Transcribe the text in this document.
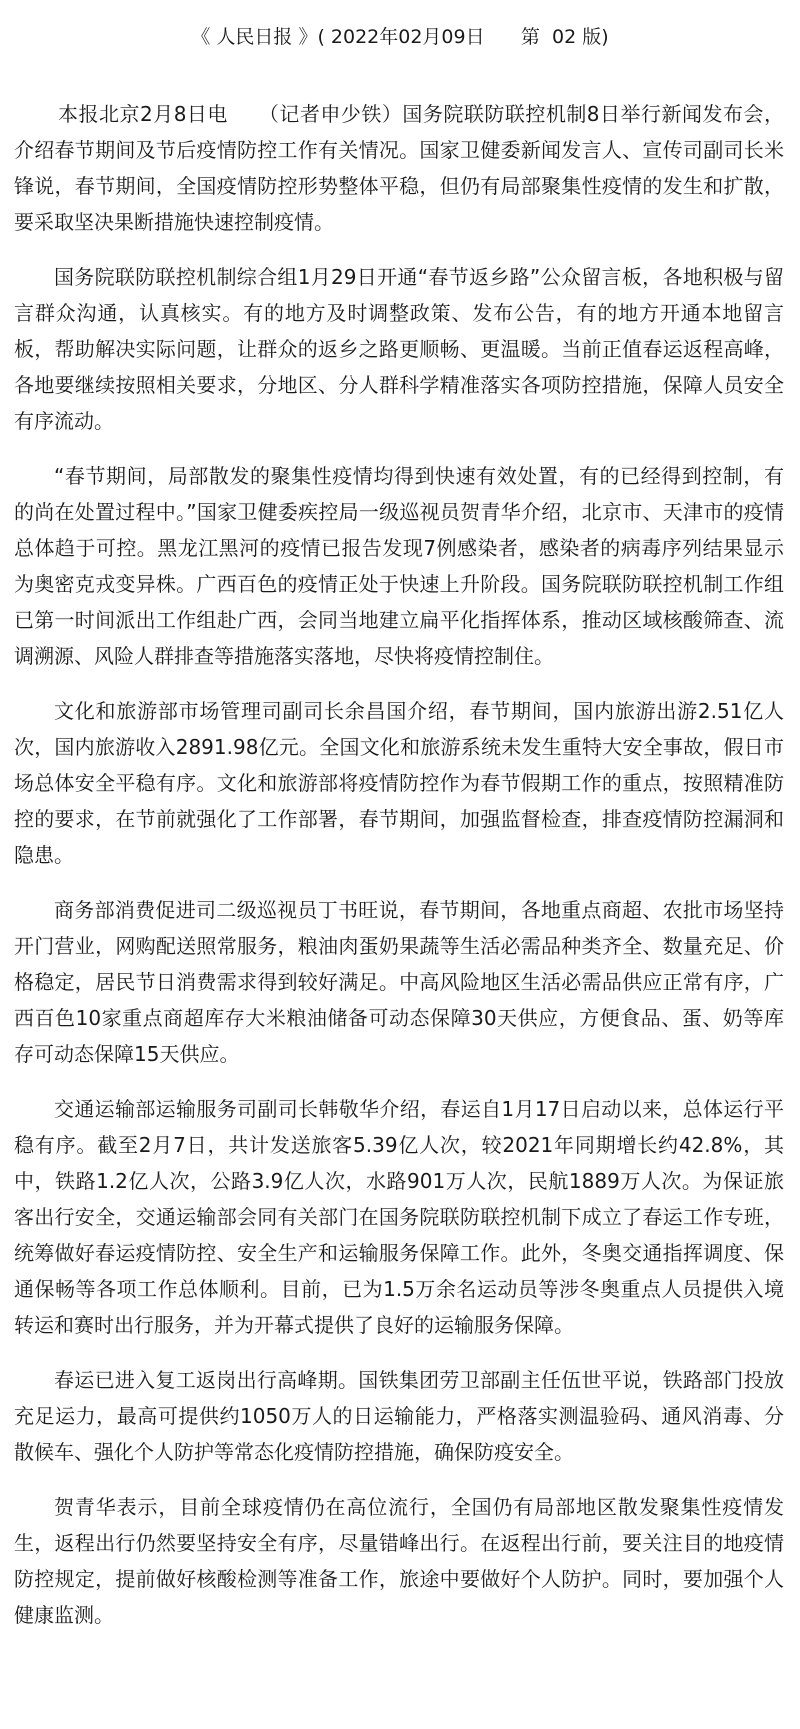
《 人民日报 》( 2022年02月09日 第 02 版)

本报北京2月8日电　　（记者申少铁）国务院联防联控机制8日举行新闻发布会，介绍春节期间及节后疫情防控工作有关情况。国家卫健委新闻发言人、宣传司副司长米锋说，春节期间，全国疫情防控形势整体平稳，但仍有局部聚集性疫情的发生和扩散，要采取坚决果断措施快速控制疫情。

国务院联防联控机制综合组1月29日开通“春节返乡路”公众留言板，各地积极与留言群众沟通，认真核实。有的地方及时调整政策、发布公告，有的地方开通本地留言板，帮助解决实际问题，让群众的返乡之路更顺畅、更温暖。当前正值春运返程高峰，各地要继续按照相关要求，分地区、分人群科学精准落实各项防控措施，保障人员安全有序流动。

“春节期间，局部散发的聚集性疫情均得到快速有效处置，有的已经得到控制，有的尚在处置过程中。”国家卫健委疾控局一级巡视员贺青华介绍，北京市、天津市的疫情总体趋于可控。黑龙江黑河的疫情已报告发现7例感染者，感染者的病毒序列结果显示为奥密克戎变异株。广西百色的疫情正处于快速上升阶段。国务院联防联控机制工作组已第一时间派出工作组赴广西，会同当地建立扁平化指挥体系，推动区域核酸筛查、流调溯源、风险人群排查等措施落实落地，尽快将疫情控制住。

文化和旅游部市场管理司副司长余昌国介绍，春节期间，国内旅游出游2.51亿人次，国内旅游收入2891.98亿元。全国文化和旅游系统未发生重特大安全事故，假日市场总体安全平稳有序。文化和旅游部将疫情防控作为春节假期工作的重点，按照精准防控的要求，在节前就强化了工作部署，春节期间，加强监督检查，排查疫情防控漏洞和隐患。

商务部消费促进司二级巡视员丁书旺说，春节期间，各地重点商超、农批市场坚持开门营业，网购配送照常服务，粮油肉蛋奶果蔬等生活必需品种类齐全、数量充足、价格稳定，居民节日消费需求得到较好满足。中高风险地区生活必需品供应正常有序，广西百色10家重点商超库存大米粮油储备可动态保障30天供应，方便食品、蛋、奶等库存可动态保障15天供应。

交通运输部运输服务司副司长韩敬华介绍，春运自1月17日启动以来，总体运行平稳有序。截至2月7日，共计发送旅客5.39亿人次，较2021年同期增长约42.8%，其中，铁路1.2亿人次，公路3.9亿人次，水路901万人次，民航1889万人次。为保证旅客出行安全，交通运输部会同有关部门在国务院联防联控机制下成立了春运工作专班，统筹做好春运疫情防控、安全生产和运输服务保障工作。此外，冬奥交通指挥调度、保通保畅等各项工作总体顺利。目前，已为1.5万余名运动员等涉冬奥重点人员提供入境转运和赛时出行服务，并为开幕式提供了良好的运输服务保障。

春运已进入复工返岗出行高峰期。国铁集团劳卫部副主任伍世平说，铁路部门投放充足运力，最高可提供约1050万人的日运输能力，严格落实测温验码、通风消毒、分散候车、强化个人防护等常态化疫情防控措施，确保防疫安全。

贺青华表示，目前全球疫情仍在高位流行，全国仍有局部地区散发聚集性疫情发生，返程出行仍然要坚持安全有序，尽量错峰出行。在返程出行前，要关注目的地疫情防控规定，提前做好核酸检测等准备工作，旅途中要做好个人防护。同时，要加强个人健康监测。
